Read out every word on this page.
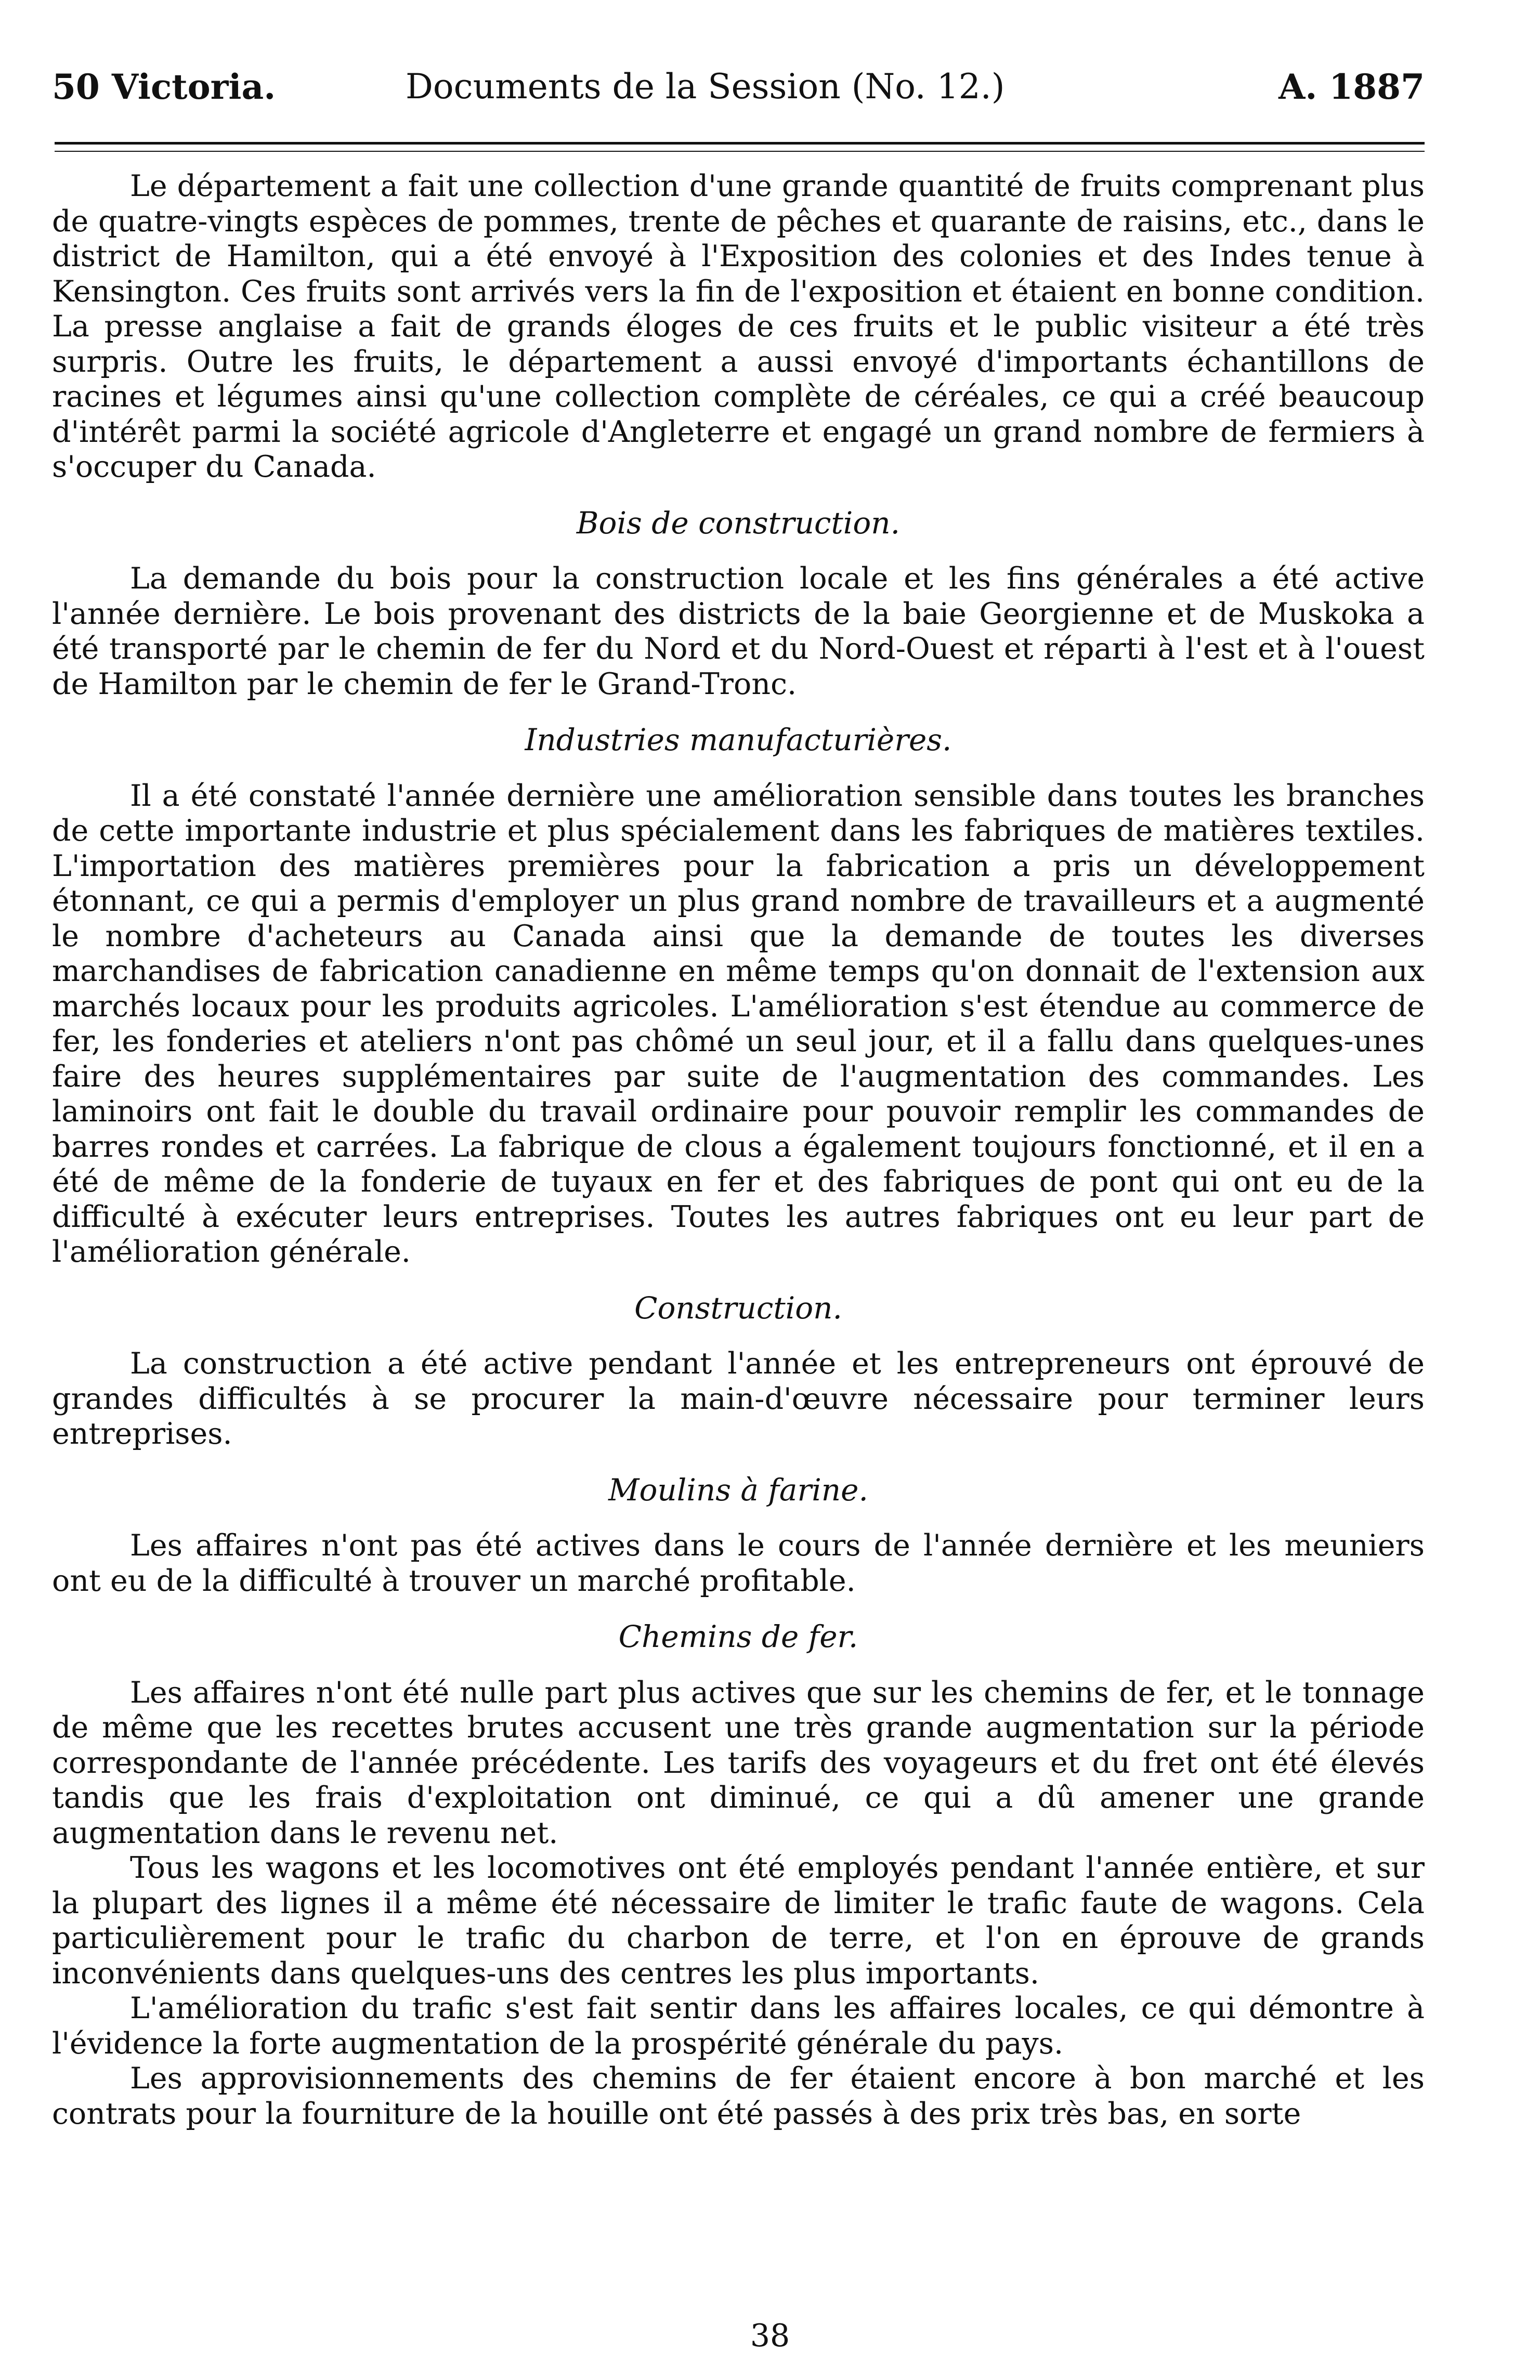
50 Victoria.	Documents de la Session (No. 12.)	A. 1887

Le département a fait une collection d'une grande quantité de fruits comprenant plus de quatre-vingts espèces de pommes, trente de pêches et quarante de raisins, etc., dans le district de Hamilton, qui a été envoyé à l'Exposition des colonies et des Indes tenue à Kensington. Ces fruits sont arrivés vers la fin de l'exposition et étaient en bonne condition. La presse anglaise a fait de grands éloges de ces fruits et le public visiteur a été très surpris. Outre les fruits, le département a aussi envoyé d'importants échantillons de racines et légumes ainsi qu'une collection complète de céréales, ce qui a créé beaucoup d'intérêt parmi la société agricole d'Angleterre et engagé un grand nombre de fermiers à s'occuper du Canada.

Bois de construction.

La demande du bois pour la construction locale et les fins générales a été active l'année dernière. Le bois provenant des districts de la baie Georgienne et de Muskoka a été transporté par le chemin de fer du Nord et du Nord-Ouest et réparti à l'est et à l'ouest de Hamilton par le chemin de fer le Grand-Tronc.

Industries manufacturières.

Il a été constaté l'année dernière une amélioration sensible dans toutes les branches de cette importante industrie et plus spécialement dans les fabriques de matières textiles. L'importation des matières premières pour la fabrication a pris un développement étonnant, ce qui a permis d'employer un plus grand nombre de travailleurs et a augmenté le nombre d'acheteurs au Canada ainsi que la demande de toutes les diverses marchandises de fabrication canadienne en même temps qu'on donnait de l'extension aux marchés locaux pour les produits agricoles. L'amélioration s'est étendue au commerce de fer, les fonderies et ateliers n'ont pas chômé un seul jour, et il a fallu dans quelques-unes faire des heures supplémentaires par suite de l'augmentation des commandes. Les laminoirs ont fait le double du travail ordinaire pour pouvoir remplir les commandes de barres rondes et carrées. La fabrique de clous a également toujours fonctionné, et il en a été de même de la fonderie de tuyaux en fer et des fabriques de pont qui ont eu de la difficulté à exécuter leurs entreprises. Toutes les autres fabriques ont eu leur part de l'amélioration générale.

Construction.

La construction a été active pendant l'année et les entrepreneurs ont éprouvé de grandes difficultés à se procurer la main-d'œuvre nécessaire pour terminer leurs entreprises.

Moulins à farine.

Les affaires n'ont pas été actives dans le cours de l'année dernière et les meuniers ont eu de la difficulté à trouver un marché profitable.

Chemins de fer.

Les affaires n'ont été nulle part plus actives que sur les chemins de fer, et le tonnage de même que les recettes brutes accusent une très grande augmentation sur la période correspondante de l'année précédente. Les tarifs des voyageurs et du fret ont été élevés tandis que les frais d'exploitation ont diminué, ce qui a dû amener une grande augmentation dans le revenu net.

Tous les wagons et les locomotives ont été employés pendant l'année entière, et sur la plupart des lignes il a même été nécessaire de limiter le trafic faute de wagons. Cela particulièrement pour le trafic du charbon de terre, et l'on en éprouve de grands inconvénients dans quelques-uns des centres les plus importants.

L'amélioration du trafic s'est fait sentir dans les affaires locales, ce qui démontre à l'évidence la forte augmentation de la prospérité générale du pays.

Les approvisionnements des chemins de fer étaient encore à bon marché et les contrats pour la fourniture de la houille ont été passés à des prix très bas, en sorte

38
